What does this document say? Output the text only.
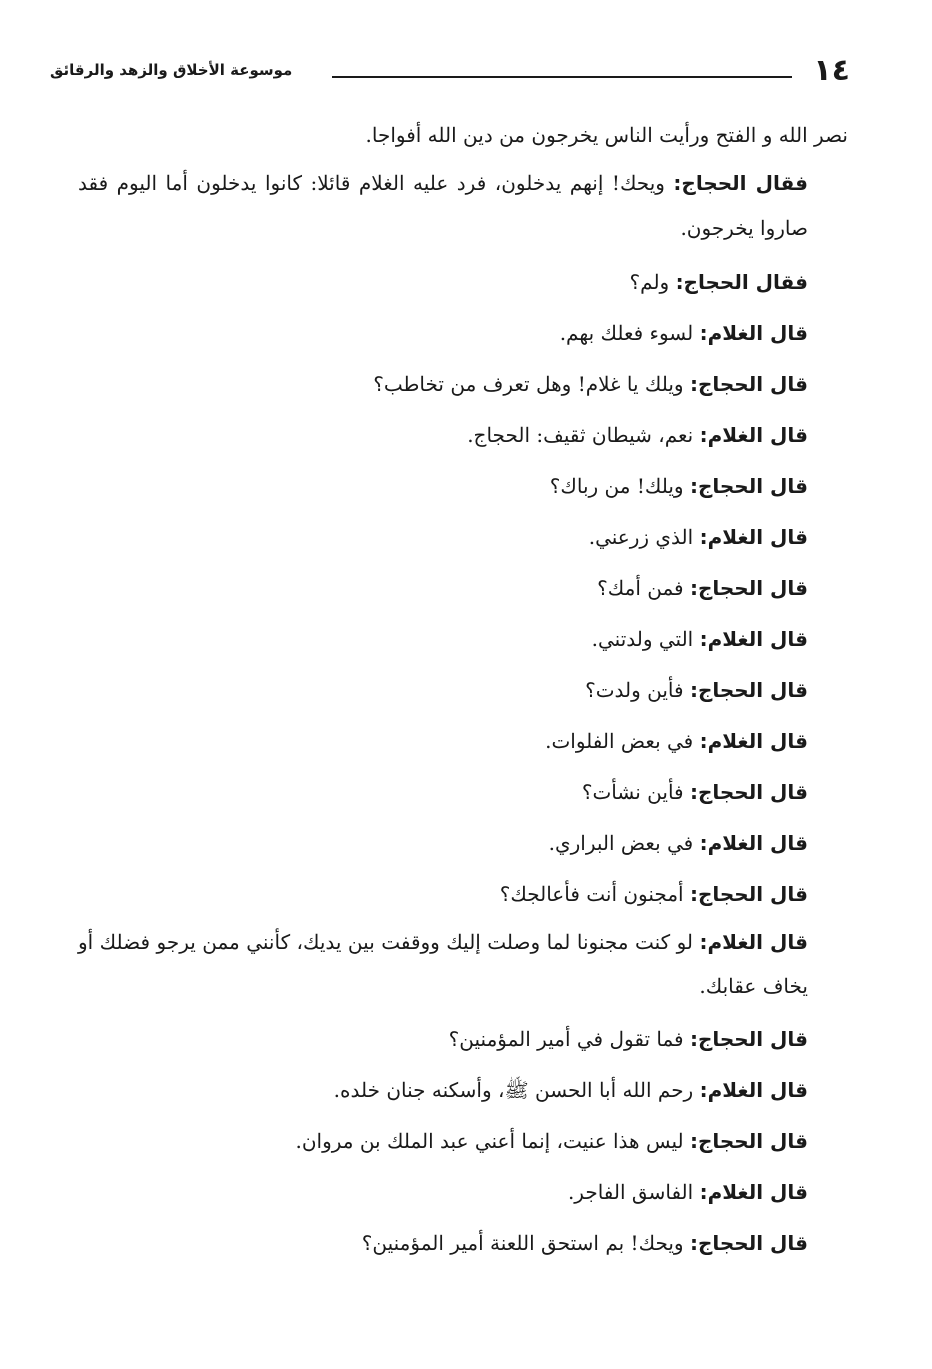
١٤
موسوعة الأخلاق والزهد والرقائق

نصر الله و الفتح ورأيت الناس يخرجون من دين الله أفواجا.

فقال الحجاج: ويحك! إنهم يدخلون، فرد عليه الغلام قائلا: كانوا يدخلون أما اليوم فقد صاروا يخرجون.

فقال الحجاج: ولم؟

قال الغلام: لسوء فعلك بهم.

قال الحجاج: ويلك يا غلام! وهل تعرف من تخاطب؟

قال الغلام: نعم، شيطان ثقيف: الحجاج.

قال الحجاج: ويلك! من رباك؟

قال الغلام: الذي زرعني.

قال الحجاج: فمن أمك؟

قال الغلام: التي ولدتني.

قال الحجاج: فأين ولدت؟

قال الغلام: في بعض الفلوات.

قال الحجاج: فأين نشأت؟

قال الغلام: في بعض البراري.

قال الحجاج: أمجنون أنت فأعالجك؟

قال الغلام: لو كنت مجنونا لما وصلت إليك ووقفت بين يديك، كأنني ممن يرجو فضلك أو يخاف عقابك.

قال الحجاج: فما تقول في أمير المؤمنين؟

قال الغلام: رحم الله أبا الحسن ﷺ، وأسكنه جنان خلده.

قال الحجاج: ليس هذا عنيت، إنما أعني عبد الملك بن مروان.

قال الغلام: الفاسق الفاجر.

قال الحجاج: ويحك! بم استحق اللعنة أمير المؤمنين؟
